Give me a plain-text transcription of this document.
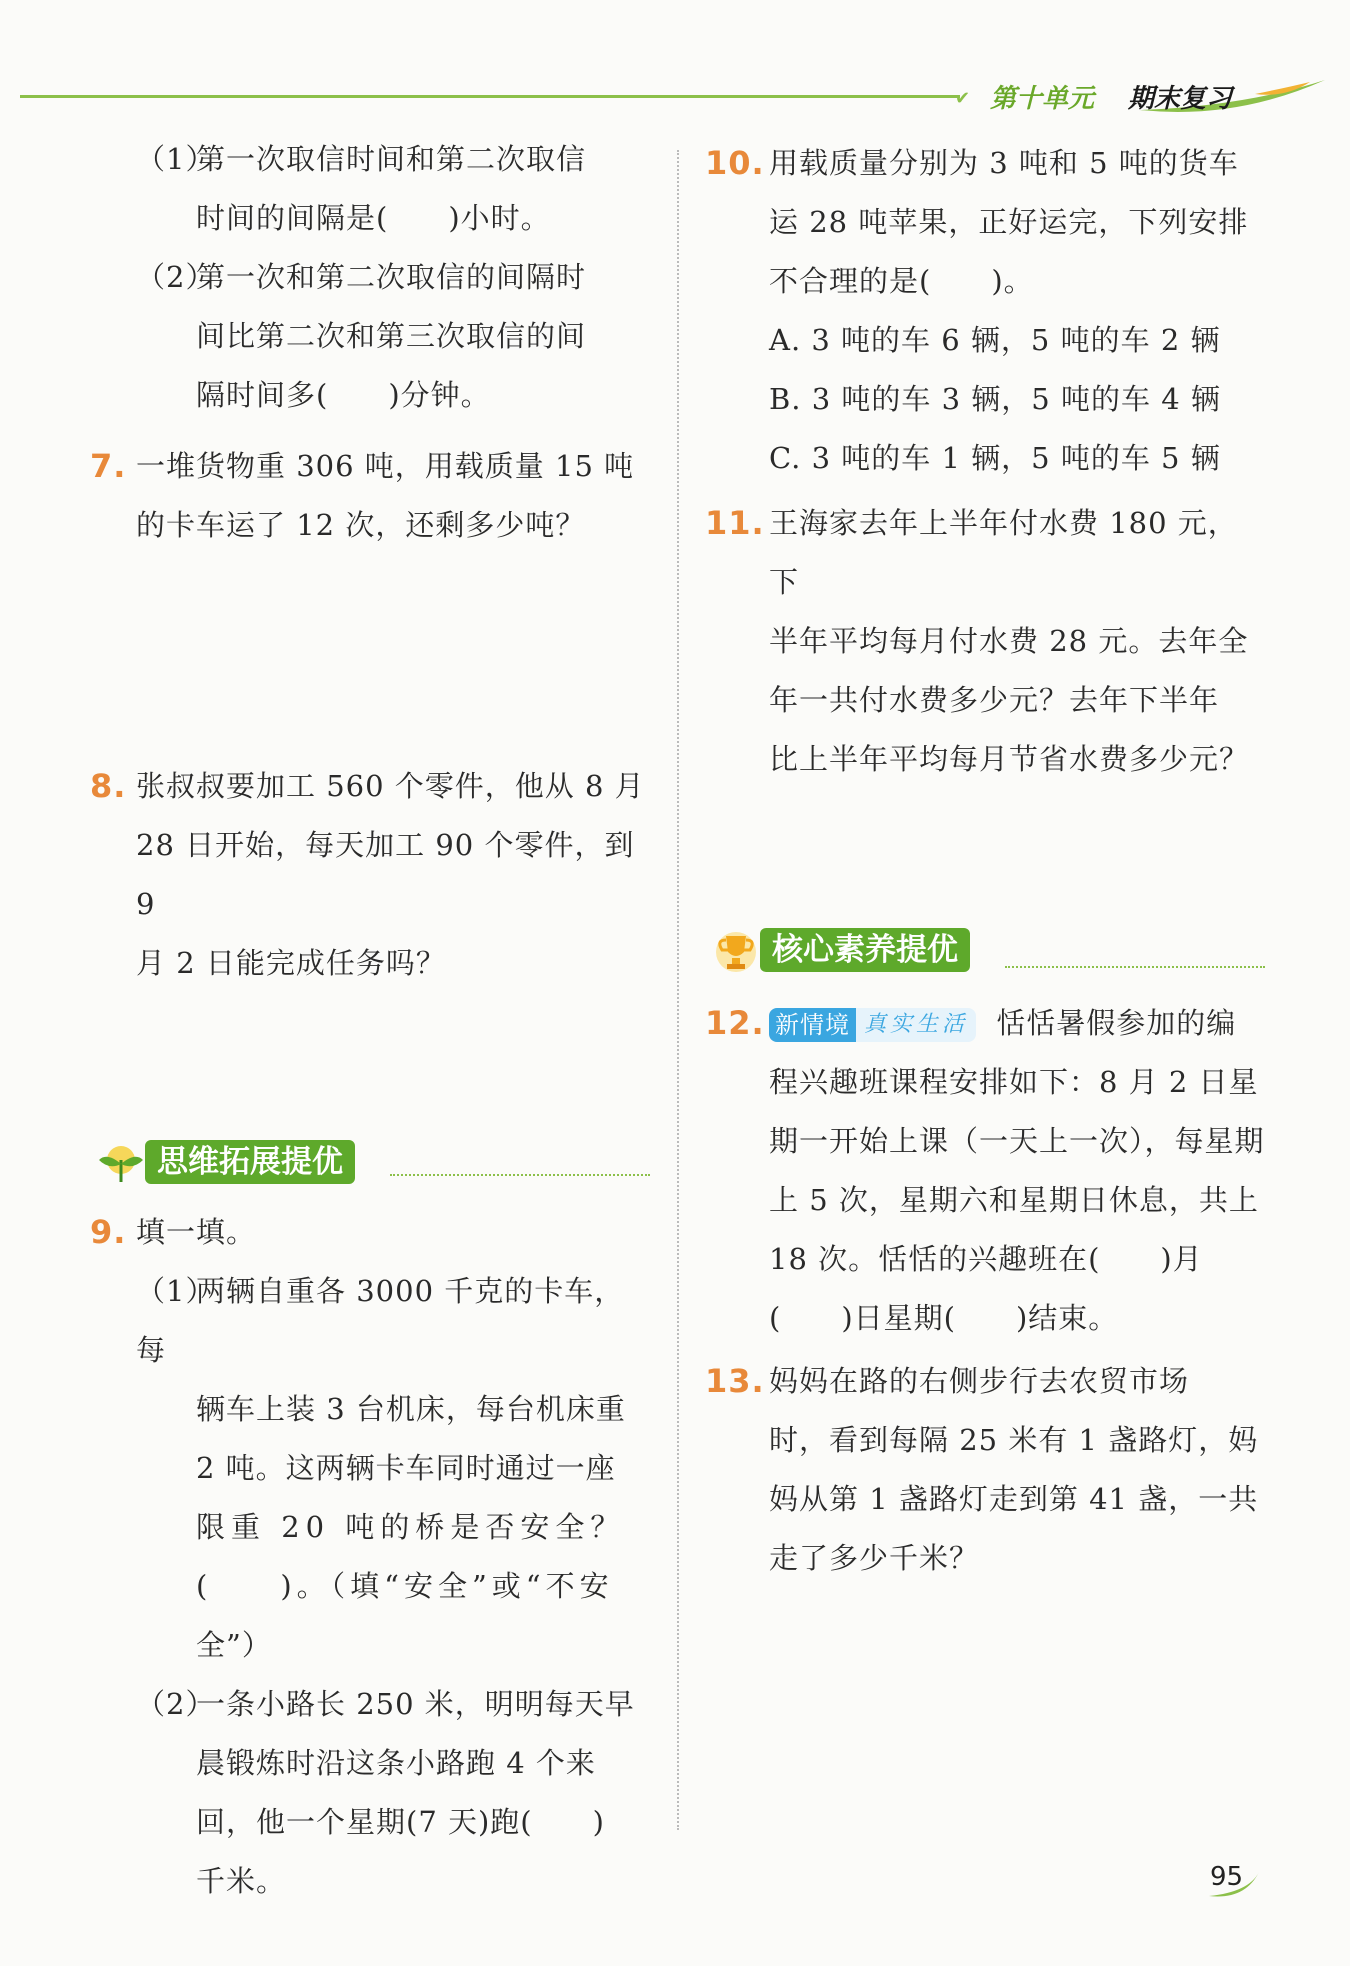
✔ 第十单元 期末复习
（1）第一次取信时间和第二次取信
时间的间隔是(　　)小时。
（2）第一次和第二次取信的间隔时
间比第二次和第三次取信的间
隔时间多(　　)分钟。
7. 一堆货物重 306 吨，用载质量 15 吨
的卡车运了 12 次，还剩多少吨？
8. 张叔叔要加工 560 个零件，他从 8 月
28 日开始，每天加工 90 个零件，到 9
月 2 日能完成任务吗？
思维拓展提优
9. 填一填。
（1）两辆自重各 3000 千克的卡车，每
辆车上装 3 台机床，每台机床重
2 吨。这两辆卡车同时通过一座
限重 20 吨的桥是否安全？
(　　)。（填“安全”或“不安
全”）
（2）一条小路长 250 米，明明每天早
晨锻炼时沿这条小路跑 4 个来
回，他一个星期(7 天)跑(　　)
千米。
10. 用载质量分别为 3 吨和 5 吨的货车
运 28 吨苹果，正好运完，下列安排
不合理的是(　　)。
A. 3 吨的车 6 辆，5 吨的车 2 辆
B. 3 吨的车 3 辆，5 吨的车 4 辆
C. 3 吨的车 1 辆，5 吨的车 5 辆
11. 王海家去年上半年付水费 180 元，下
半年平均每月付水费 28 元。去年全
年一共付水费多少元？去年下半年
比上半年平均每月节省水费多少元？
核心素养提优
12. 新情境 真实生活 恬恬暑假参加的编
程兴趣班课程安排如下：8 月 2 日星
期一开始上课（一天上一次），每星期
上 5 次，星期六和星期日休息，共上
18 次。恬恬的兴趣班在(　　)月
(　　)日星期(　　)结束。
13. 妈妈在路的右侧步行去农贸市场
时，看到每隔 25 米有 1 盏路灯，妈
妈从第 1 盏路灯走到第 41 盏，一共
走了多少千米？
95
